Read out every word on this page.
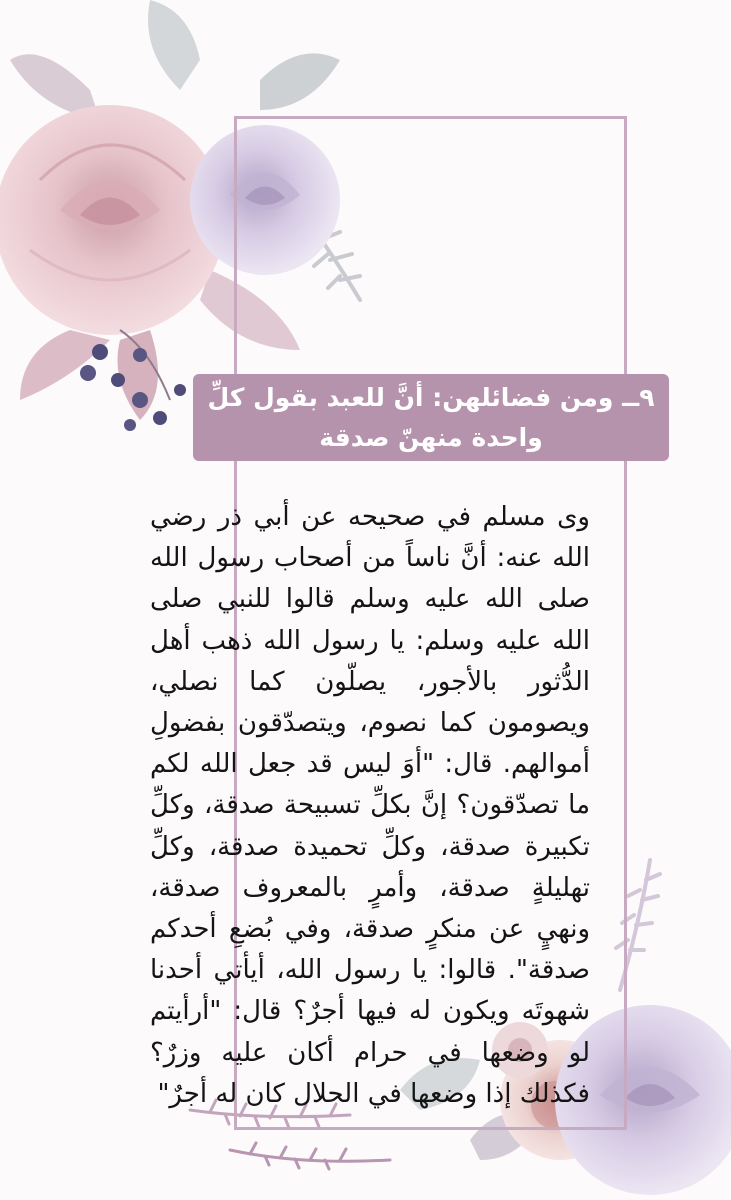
٩ــ ومن فضائلهن: أنَّ للعبد بقول كلِّ واحدة منهنّ صدقة
وى مسلم في صحيحه عن أبي ذر رضي الله عنه: أنَّ ناساً من أصحاب رسول الله صلى الله عليه وسلم قالوا للنبي صلى الله عليه وسلم: يا رسول الله ذهب أهل الدُّثور بالأجور، يصلّون كما نصلي، ويصومون كما نصوم، ويتصدّقون بفضولِ أموالهم. قال: "أوَ ليس قد جعل الله لكم ما تصدّقون؟ إنَّ بكلِّ تسبيحة صدقة، وكلِّ تكبيرة صدقة، وكلِّ تحميدة صدقة، وكلِّ تهليلةٍ صدقة، وأمرٍ بالمعروف صدقة، ونهيٍ عن منكرٍ صدقة، وفي بُضعِ أحدكم صدقة". قالوا: يا رسول الله، أيأتي أحدنا شهوتَه ويكون له فيها أجرٌ؟ قال: "أرأيتم لو وضعها في حرام أكان عليه وزرٌ؟ فكذلك إذا وضعها في الحلال كان له أجرٌ"
